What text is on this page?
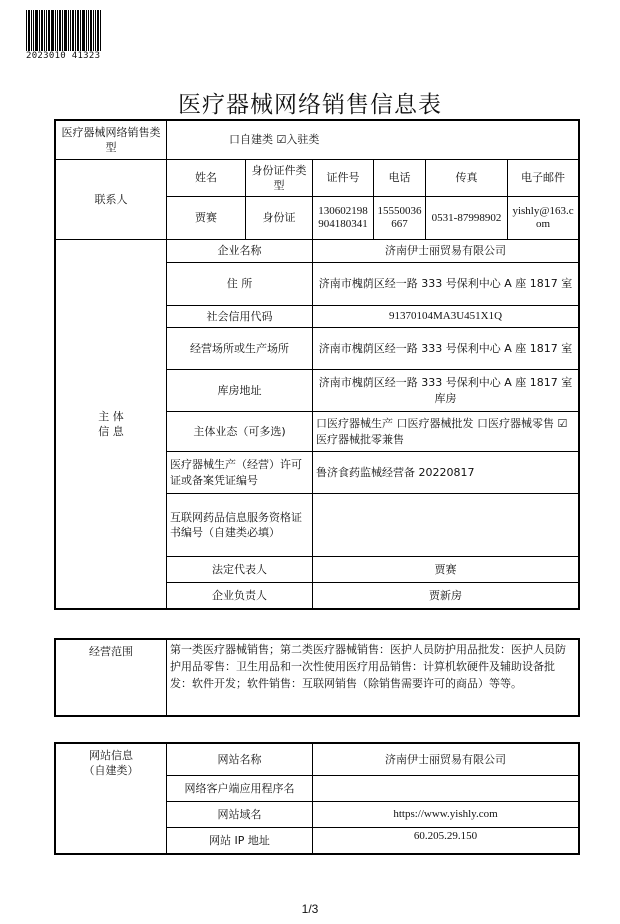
2023010 41323
医疗器械网络销售信息表
医疗器械网络销售类型	口自建类 ☑入驻类					
联系人	姓名	身份证件类型	证件号	电话	传真	电子邮件
	贾赛	身份证	130602198904180341	15550036667	0531-87998902	yishly@163.com

主 体
信 息	企业名称		济南伊士丽贸易有限公司			
	住 所		济南市槐荫区经一路 333 号保利中心 A 座 1817 室			
	社会信用代码		91370104MA3U451X1Q			
	经营场所或生产场所		济南市槐荫区经一路 333 号保利中心 A 座 1817 室			
	库房地址		济南市槐荫区经一路 333 号保利中心 A 座 1817 室库房			
	主体业态（可多选)		口医疗器械生产 口医疗器械批发 口医疗器械零售 ☑医疗器械批零兼售			
	医疗器械生产（经营）许可证或备案凭证编号		鲁济食药监械经营备 20220817			
	互联网药品信息服务资格证书编号（自建类必填）					
	法定代表人		贾赛			
	企业负责人		贾新房			
经营范围	第一类医疗器械销售；第二类医疗器械销售：医护人员防护用品批发：医护人员防护用品零售：卫生用品和一次性使用医疗用品销售：计算机软硬件及辅助设备批发：软件开发；软件销售：互联网销售（除销售需要许可的商品）等等。
网站信息
（自建类）	网站名称	济南伊士丽贸易有限公司
	网络客户端应用程序名	
	网站域名	https://www.yishly.com
	网站 IP 地址	60.205.29.150
1/3
